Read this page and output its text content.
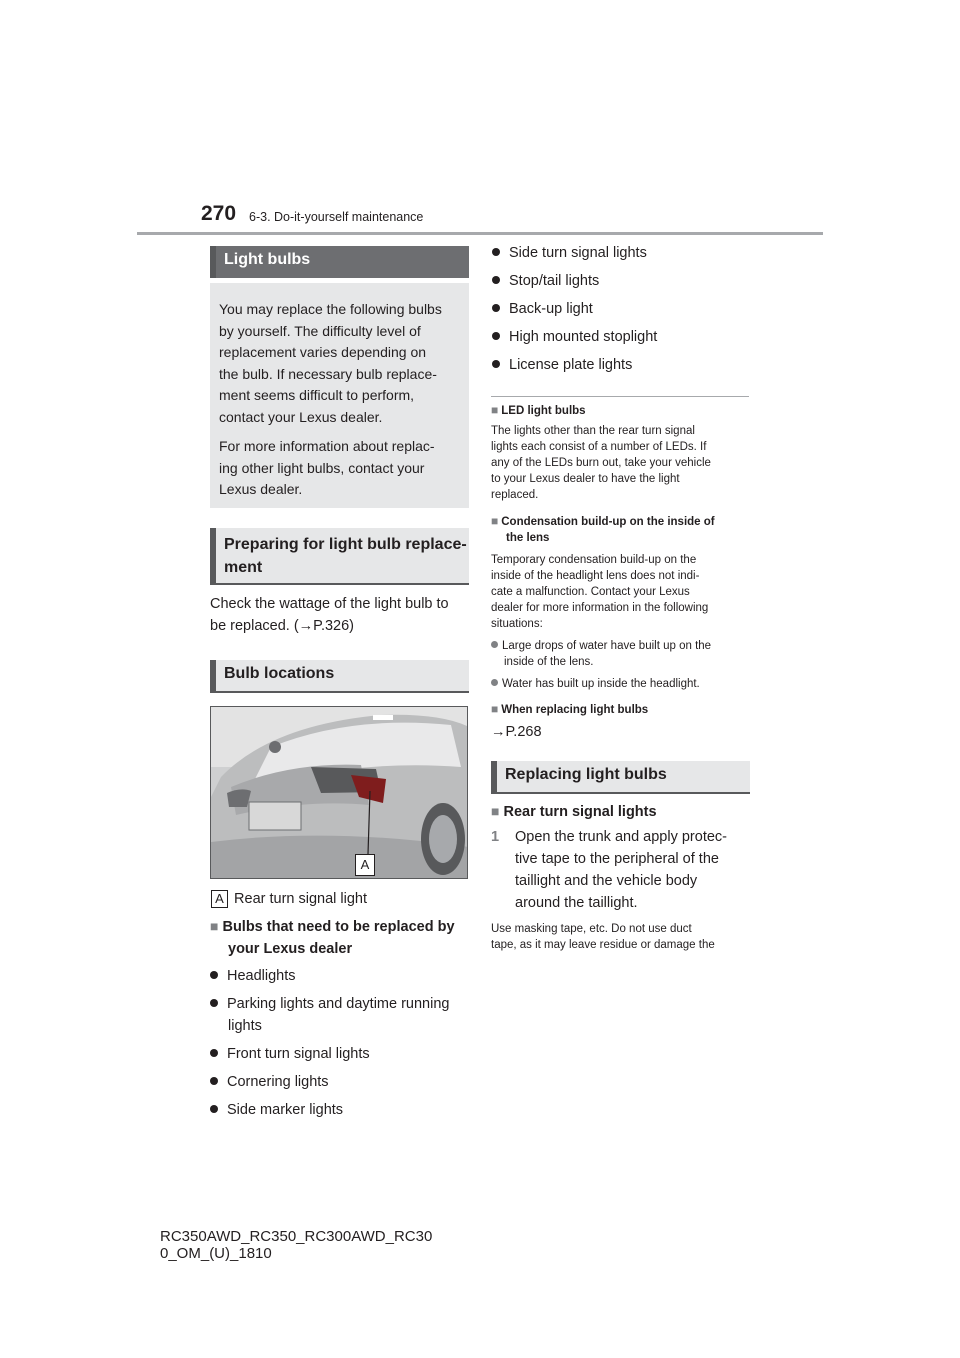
270 6-3. Do-it-yourself maintenance
Light bulbs
You may replace the following bulbs
by yourself. The difficulty level of
replacement varies depending on
the bulb. If necessary bulb replace-
ment seems difficult to perform,
contact your Lexus dealer.
For more information about replac-
ing other light bulbs, contact your
Lexus dealer.
Preparing for light bulb replace-
ment
Check the wattage of the light bulb to
be replaced. (→P.326)
Bulb locations
A
A Rear turn signal light
■ Bulbs that need to be replaced by
your Lexus dealer
Headlights
Parking lights and daytime running
lights
Front turn signal lights
Cornering lights
Side marker lights
Side turn signal lights
Stop/tail lights
Back-up light
High mounted stoplight
License plate lights
■ LED light bulbs
The lights other than the rear turn signal
lights each consist of a number of LEDs. If
any of the LEDs burn out, take your vehicle
to your Lexus dealer to have the light
replaced.
■ Condensation build-up on the inside of
the lens
Temporary condensation build-up on the
inside of the headlight lens does not indi-
cate a malfunction. Contact your Lexus
dealer for more information in the following
situations:
Large drops of water have built up on the
inside of the lens.
Water has built up inside the headlight.
■ When replacing light bulbs
→P.268
Replacing light bulbs
■ Rear turn signal lights
1 Open the trunk and apply protec-
tive tape to the peripheral of the
taillight and the vehicle body
around the taillight.
Use masking tape, etc. Do not use duct
tape, as it may leave residue or damage the
RC350AWD_RC350_RC300AWD_RC30
0_OM_(U)_1810
